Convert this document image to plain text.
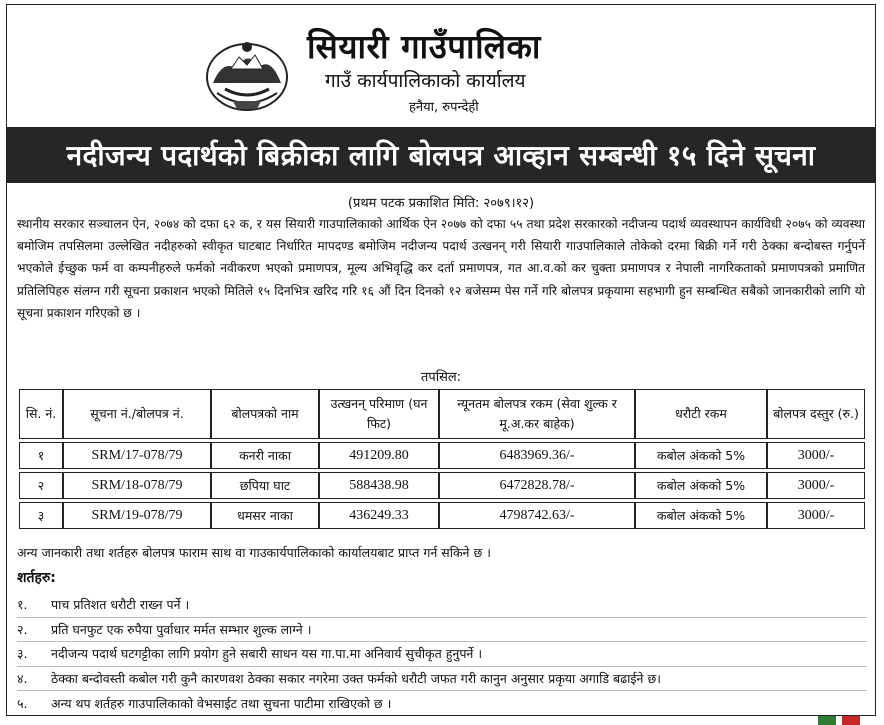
सियारी गाउँपालिका
गाउँ कार्यपालिकाको कार्यालय
हनैया, रुपन्देही
नदीजन्य पदार्थको बिक्रीका लागि बोलपत्र आव्हान सम्बन्धी १५ दिने सूचना
(प्रथम पटक प्रकाशित मिति: २०७९।१२)
स्थानीय सरकार सञ्चालन ऐन, २०७४ को दफा ६२ क, र यस सियारी गाउपालिकाको आर्थिक ऐन २०७७ को दफा ५५ तथा प्रदेश सरकारको नदीजन्य पदार्थ व्यवस्थापन कार्यविधी २०७५ को व्यवस्था बमोजिम तपसिलमा उल्लेखित नदीहरुको स्वीकृत घाटबाट निर्धारित मापदण्ड बमोजिम नदीजन्य पदार्थ उत्खनन् गरी सियारी गाउपालिकाले तोकेको दरमा बिक्री गर्ने गरी ठेक्का बन्दोबस्त गर्नुपर्ने भएकोले ईच्छुक फर्म वा कम्पनीहरुले फर्मको नवीकरण भएको प्रमाणपत्र, मूल्य अभिवृद्धि कर दर्ता प्रमाणपत्र, गत आ.व.को कर चुक्ता प्रमाणपत्र र नेपाली नागरिकताको प्रमाणपत्रको प्रमाणित प्रतिलिपिहरु संलग्न गरी सूचना प्रकाशन भएको मितिले १५ दिनभित्र खरिद गरि १६ औं दिन दिनको १२ बजेसम्म पेस गर्ने गरि बोलपत्र प्रकृयामा सहभागी हुन सम्बन्धित सबैको जानकारीको लागि यो सूचना प्रकाशन गरिएको छ ।
तपसिल:
सि. नं.	सूचना नं./बोलपत्र नं.	बोलपत्रको नाम	उत्खनन् परिमाण (घन फिट)	न्यूनतम बोलपत्र रकम (सेवा शुल्क र मू.अ.कर बाहेक)	धरौटी रकम	बोलपत्र दस्तुर (रु.)

१	SRM/17-078/79	कनरी नाका	491209.80	6483969.36/-	कबोल अंकको 5%	3000/-

२	SRM/18-078/79	छपिया घाट	588438.98	6472828.78/-	कबोल अंकको 5%	3000/-

३	SRM/19-078/79	धमसर नाका	436249.33	4798742.63/-	कबोल अंकको 5%	3000/-
अन्य जानकारी तथा शर्तहरु बोलपत्र फाराम साथ वा गाउकार्यपालिकाको कार्यालयबाट प्राप्त गर्न सकिने छ ।
शर्तहरु:
१.	पाच प्रतिशत धरौटी राख्न पर्ने ।
२.	प्रति घनफुट एक रुपैया पुर्वाधार मर्मत सम्भार शुल्क लाग्ने ।
३.	नदीजन्य पदार्थ घटगट्टीका लागि प्रयोग हुने सबारी साधन यस गा.पा.मा अनिवार्य सुचीकृत हुनुपर्ने ।
४.	ठेक्का बन्दोवस्ती कबोल गरी कुनै कारणवश ठेक्का सकार नगरेमा उक्त फर्मको धरौटी जफत गरी कानुन अनुसार प्रकृया अगाडि बढाईने छ।
५.	अन्य थप शर्तहरु गाउपालिकाको वेभसाईट तथा सुचना पाटीमा राखिएको छ ।
